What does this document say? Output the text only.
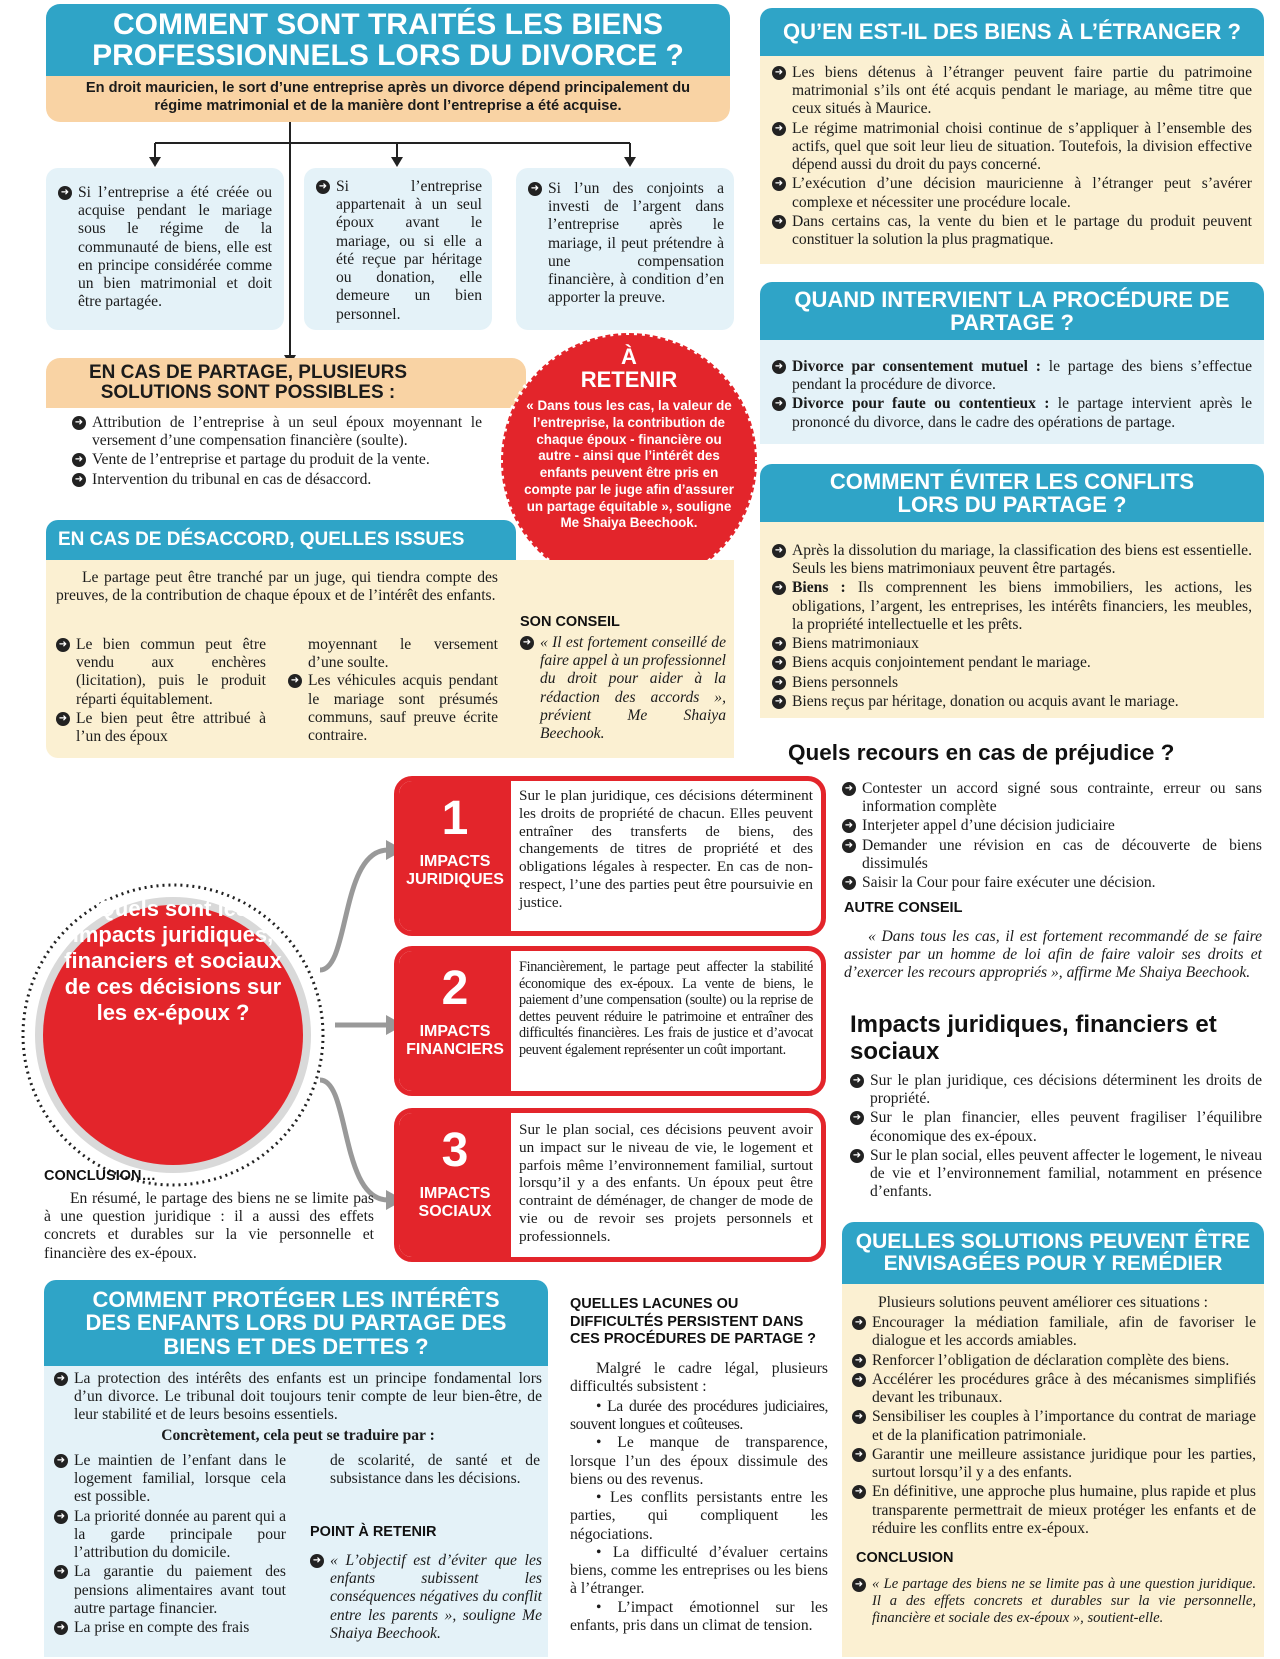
COMMENT SONT TRAITÉS LES BIENS PROFESSIONNELS LORS DU DIVORCE ?
En droit mauricien, le sort d’une entreprise après un divorce dépend principalement du régime matrimonial et de la manière dont l’entreprise a été acquise.
➜ Si l’entreprise a été créée ou acquise pendant le mariage sous le régime de la communauté de biens, elle est en principe considérée comme un bien matrimonial et doit être partagée.
➜ Si l’entreprise appartenait à un seul époux avant le mariage, ou si elle a été reçue par héritage ou donation, elle demeure un bien personnel.
➜ Si l’un des conjoints a investi de l’argent dans l’entreprise après le mariage, il peut prétendre à une compensation financière, à condition d’en apporter la preuve.
EN CAS DE PARTAGE, PLUSIEURS SOLUTIONS SONT POSSIBLES :
➜ Attribution de l’entreprise à un seul époux moyennant le versement d’une compensation financière (soulte).
➜ Vente de l’entreprise et partage du produit de la vente.
➜ Intervention du tribunal en cas de désaccord.
À
RETENIR
« Dans tous les cas, la valeur de l’entreprise, la contribution de chaque époux - financière ou autre - ainsi que l’intérêt des enfants peuvent être pris en compte par le juge afin d’assurer un partage équitable », souligne Me Shaiya Beechook.
EN CAS DE DÉSACCORD, QUELLES ISSUES
Le partage peut être tranché par un juge, qui tiendra compte des preuves, de la contribution de chaque époux et de l’intérêt des enfants.
➜ Le bien commun peut être vendu aux enchères (licitation), puis le produit réparti équitablement.
➜ Le bien peut être attribué à l’un des époux
moyennant le versement d’une soulte.
➜ Les véhicules acquis pendant le mariage sont présumés communs, sauf preuve écrite contraire.
SON CONSEIL
➜ « Il est fortement conseillé de faire appel à un professionnel du droit pour aider à la rédaction des accords », prévient Me Shaiya Beechook.
QU’EN EST-IL DES BIENS À L’ÉTRANGER ?
➜ Les biens détenus à l’étranger peuvent faire partie du patrimoine matrimonial s’ils ont été acquis pendant le mariage, au même titre que ceux situés à Maurice.
➜ Le régime matrimonial choisi continue de s’appliquer à l’ensemble des actifs, quel que soit leur lieu de situation. Toutefois, la division effective dépend aussi du droit du pays concerné.
➜ L’exécution d’une décision mauricienne à l’étranger peut s’avérer complexe et nécessiter une procédure locale.
➜ Dans certains cas, la vente du bien et le partage du produit peuvent constituer la solution la plus pragmatique.
QUAND INTERVIENT LA PROCÉDURE DE PARTAGE ?
➜ Divorce par consentement mutuel : le partage des biens s’effectue pendant la procédure de divorce.
➜ Divorce pour faute ou contentieux : le partage intervient après le prononcé du divorce, dans le cadre des opérations de partage.
COMMENT ÉVITER LES CONFLITS LORS DU PARTAGE ?
➜ Après la dissolution du mariage, la classification des biens est essentielle. Seuls les biens matrimoniaux peuvent être partagés.
➜ Biens : Ils comprennent les biens immobiliers, les actions, les obligations, l’argent, les entreprises, les intérêts financiers, les meubles, la propriété intellectuelle et les prêts.
➜ Biens matrimoniaux
➜ Biens acquis conjointement pendant le mariage.
➜ Biens personnels
➜ Biens reçus par héritage, donation ou acquis avant le mariage.
Quels recours en cas de préjudice ?
➜ Contester un accord signé sous contrainte, erreur ou sans information complète
➜ Interjeter appel d’une décision judiciaire
➜ Demander une révision en cas de découverte de biens dissimulés
➜ Saisir la Cour pour faire exécuter une décision.
AUTRE CONSEIL
« Dans tous les cas, il est fortement recommandé de se faire assister par un homme de loi afin de faire valoir ses droits et d’exercer les recours appropriés », affirme Me Shaiya Beechook.
Impacts juridiques, financiers et sociaux
➜ Sur le plan juridique, ces décisions déterminent les droits de propriété.
➜ Sur le plan financier, elles peuvent fragiliser l’équilibre économique des ex-époux.
➜ Sur le plan social, elles peuvent affecter le logement, le niveau de vie et l’environnement familial, notamment en présence d’enfants.
QUELLES SOLUTIONS PEUVENT ÊTRE ENVISAGÉES POUR Y REMÉDIER
Plusieurs solutions peuvent améliorer ces situations :
➜ Encourager la médiation familiale, afin de favoriser le dialogue et les accords amiables.
➜ Renforcer l’obligation de déclaration complète des biens.
➜ Accélérer les procédures grâce à des mécanismes simplifiés devant les tribunaux.
➜ Sensibiliser les couples à l’importance du contrat de mariage et de la planification patrimoniale.
➜ Garantir une meilleure assistance juridique pour les parties, surtout lorsqu’il y a des enfants.
➜ En définitive, une approche plus humaine, plus rapide et plus transparente permettrait de mieux protéger les enfants et de réduire les conflits entre ex-époux.
CONCLUSION
➜ « Le partage des biens ne se limite pas à une question juridique. Il a des effets concrets et durables sur la vie personnelle, financière et sociale des ex-époux », soutient-elle.
Quels sont les impacts juridiques, financiers et sociaux de ces décisions sur les ex-époux ?
1
IMPACTS JURIDIQUES
Sur le plan juridique, ces décisions déterminent les droits de propriété de chacun. Elles peuvent entraîner des transferts de biens, des changements de titres de propriété et des obligations légales à respecter. En cas de non-respect, l’une des parties peut être poursuivie en justice.
2
IMPACTS FINANCIERS
Financièrement, le partage peut affecter la stabilité économique des ex-époux. La vente de biens, le paiement d’une compensation (soulte) ou la reprise de dettes peuvent réduire le patrimoine et entraîner des difficultés financières. Les frais de justice et d’avocat peuvent également représenter un coût important.
3
IMPACTS SOCIAUX
Sur le plan social, ces décisions peuvent avoir un impact sur le niveau de vie, le logement et parfois même l’environnement familial, surtout lorsqu’il y a des enfants. Un époux peut être contraint de déménager, de changer de mode de vie ou de revoir ses projets personnels et professionnels.
CONCLUSION…
En résumé, le partage des biens ne se limite pas à une question juridique : il a aussi des effets concrets et durables sur la vie personnelle et financière des ex-époux.
COMMENT PROTÉGER LES INTÉRÊTS DES ENFANTS LORS DU PARTAGE DES BIENS ET DES DETTES ?
➜ La protection des intérêts des enfants est un principe fondamental lors d’un divorce. Le tribunal doit toujours tenir compte de leur bien-être, de leur stabilité et de leurs besoins essentiels.
Concrètement, cela peut se traduire par :
➜ Le maintien de l’enfant dans le logement familial, lorsque cela est possible.
➜ La priorité donnée au parent qui a la garde principale pour l’attribution du domicile.
➜ La garantie du paiement des pensions alimentaires avant tout autre partage financier.
➜ La prise en compte des frais
de scolarité, de santé et de subsistance dans les décisions.
POINT À RETENIR
➜ « L’objectif est d’éviter que les enfants subissent les conséquences négatives du conflit entre les parents », souligne Me Shaiya Beechook.
QUELLES LACUNES OU DIFFICULTÉS PERSISTENT DANS CES PROCÉDURES DE PARTAGE ?
Malgré le cadre légal, plusieurs difficultés subsistent :
• La durée des procédures judiciaires, souvent longues et coûteuses.
• Le manque de transparence, lorsque l’un des époux dissimule des biens ou des revenus.
• Les conflits persistants entre les parties, qui compliquent les négociations.
• La difficulté d’évaluer certains biens, comme les entreprises ou les biens à l’étranger.
• L’impact émotionnel sur les enfants, pris dans un climat de tension.
